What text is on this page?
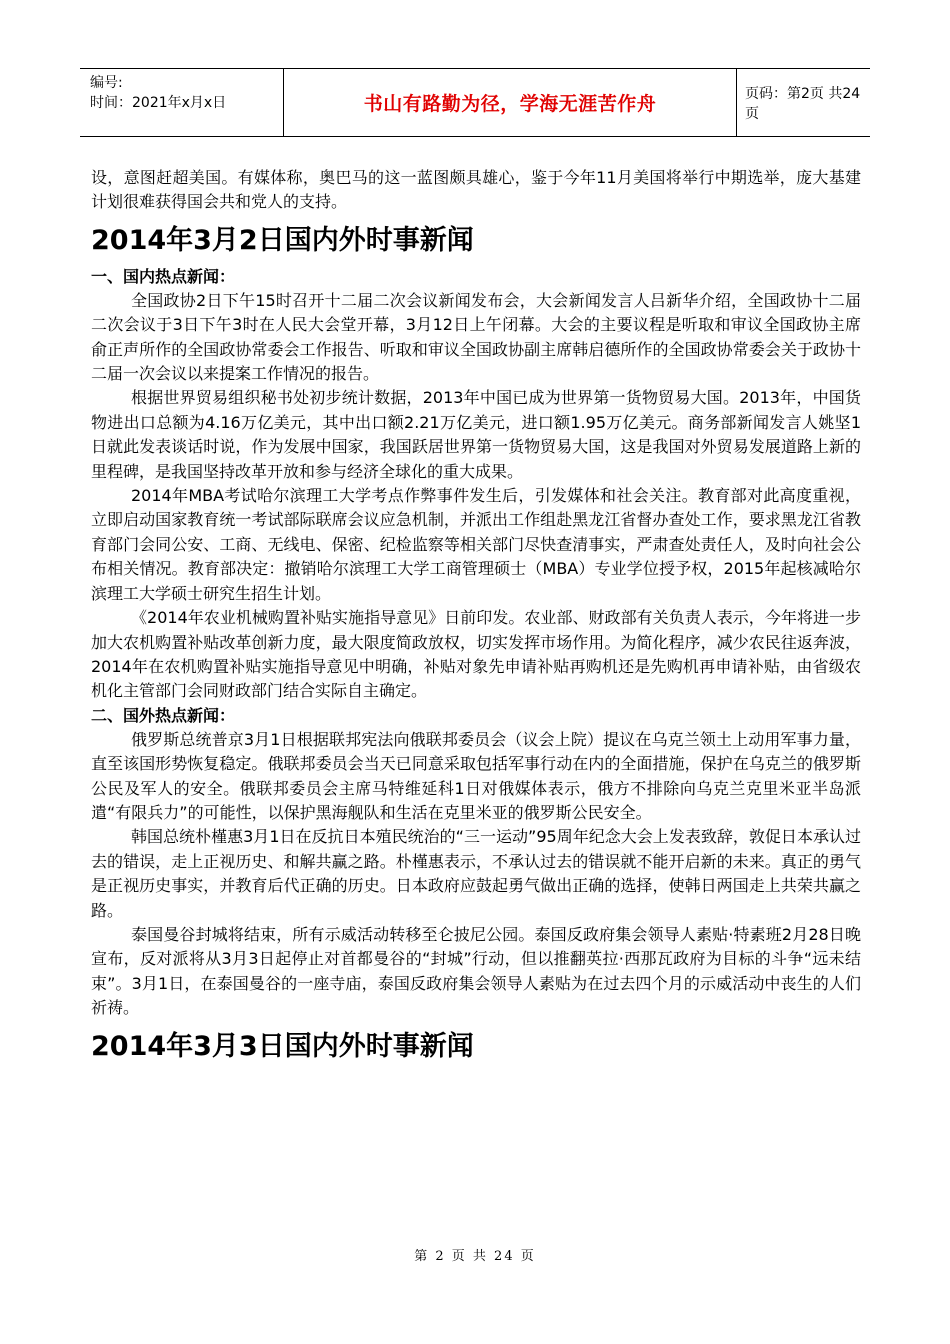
编号:
时间：2021年x月x日	书山有路勤为径，学海无涯苦作舟	页码：第2页 共24页

设，意图赶超美国。有媒体称，奥巴马的这一蓝图颇具雄心，鉴于今年11月美国将举行中期选举，庞大基建计划很难获得国会共和党人的支持。

2014年3月2日国内外时事新闻
一、国内热点新闻：

全国政协2日下午15时召开十二届二次会议新闻发布会，大会新闻发言人吕新华介绍，全国政协十二届二次会议于3日下午3时在人民大会堂开幕，3月12日上午闭幕。大会的主要议程是听取和审议全国政协主席俞正声所作的全国政协常委会工作报告、听取和审议全国政协副主席韩启德所作的全国政协常委会关于政协十二届一次会议以来提案工作情况的报告。

根据世界贸易组织秘书处初步统计数据，2013年中国已成为世界第一货物贸易大国。2013年，中国货物进出口总额为4.16万亿美元，其中出口额2.21万亿美元，进口额1.95万亿美元。商务部新闻发言人姚坚1日就此发表谈话时说，作为发展中国家，我国跃居世界第一货物贸易大国，这是我国对外贸易发展道路上新的里程碑，是我国坚持改革开放和参与经济全球化的重大成果。

2014年MBA考试哈尔滨理工大学考点作弊事件发生后，引发媒体和社会关注。教育部对此高度重视，立即启动国家教育统一考试部际联席会议应急机制，并派出工作组赴黑龙江省督办查处工作，要求黑龙江省教育部门会同公安、工商、无线电、保密、纪检监察等相关部门尽快查清事实，严肃查处责任人，及时向社会公布相关情况。教育部决定：撤销哈尔滨理工大学工商管理硕士（MBA）专业学位授予权，2015年起核减哈尔滨理工大学硕士研究生招生计划。

《2014年农业机械购置补贴实施指导意见》日前印发。农业部、财政部有关负责人表示，今年将进一步加大农机购置补贴改革创新力度，最大限度简政放权，切实发挥市场作用。为简化程序，减少农民往返奔波，2014年在农机购置补贴实施指导意见中明确，补贴对象先申请补贴再购机还是先购机再申请补贴，由省级农机化主管部门会同财政部门结合实际自主确定。

二、国外热点新闻：

俄罗斯总统普京3月1日根据联邦宪法向俄联邦委员会（议会上院）提议在乌克兰领土上动用军事力量，直至该国形势恢复稳定。俄联邦委员会当天已同意采取包括军事行动在内的全面措施，保护在乌克兰的俄罗斯公民及军人的安全。俄联邦委员会主席马特维延科1日对俄媒体表示，俄方不排除向乌克兰克里米亚半岛派遣“有限兵力”的可能性，以保护黑海舰队和生活在克里米亚的俄罗斯公民安全。

韩国总统朴槿惠3月1日在反抗日本殖民统治的“三一运动”95周年纪念大会上发表致辞，敦促日本承认过去的错误，走上正视历史、和解共赢之路。朴槿惠表示，不承认过去的错误就不能开启新的未来。真正的勇气是正视历史事实，并教育后代正确的历史。日本政府应鼓起勇气做出正确的选择，使韩日两国走上共荣共赢之路。

泰国曼谷封城将结束，所有示威活动转移至仑披尼公园。泰国反政府集会领导人素贴·特素班2月28日晚宣布，反对派将从3月3日起停止对首都曼谷的“封城”行动，但以推翻英拉·西那瓦政府为目标的斗争“远未结束”。3月1日，在泰国曼谷的一座寺庙，泰国反政府集会领导人素贴为在过去四个月的示威活动中丧生的人们祈祷。

2014年3月3日国内外时事新闻
第 2 页 共 24 页
